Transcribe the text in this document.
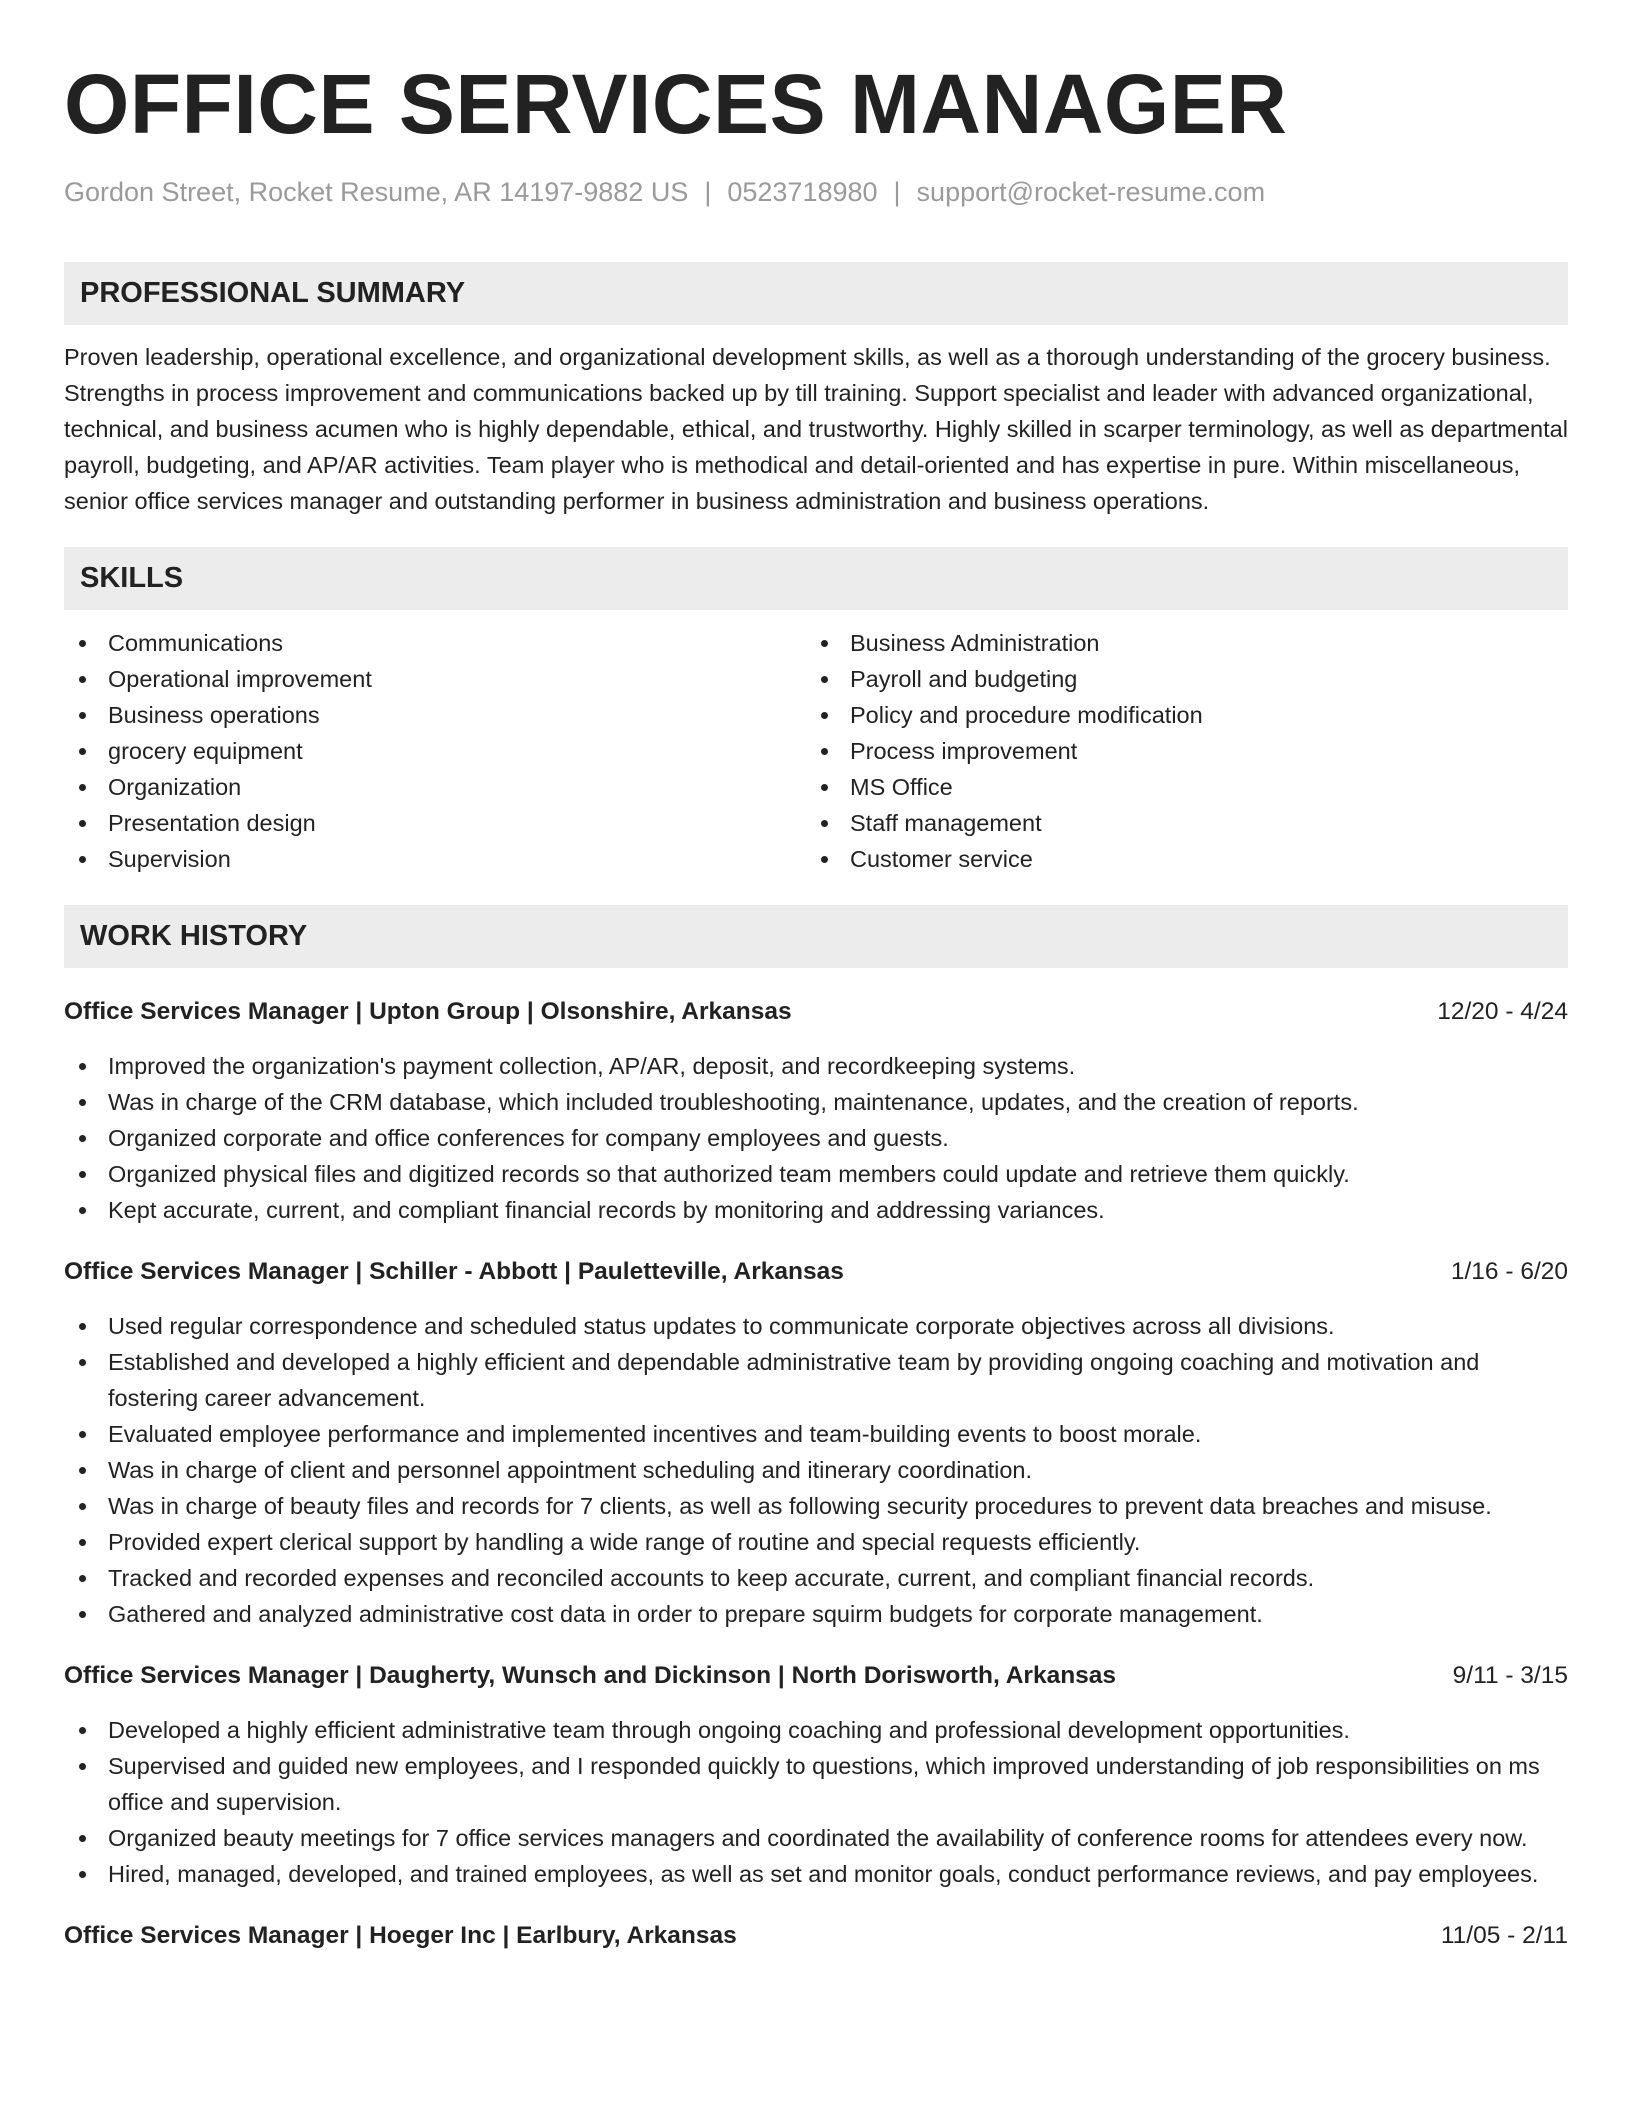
OFFICE SERVICES MANAGER
Gordon Street, Rocket Resume, AR 14197-9882 US | 0523718980 | support@rocket-resume.com
PROFESSIONAL SUMMARY
Proven leadership, operational excellence, and organizational development skills, as well as a thorough understanding of the grocery business. Strengths in process improvement and communications backed up by till training. Support specialist and leader with advanced organizational, technical, and business acumen who is highly dependable, ethical, and trustworthy. Highly skilled in scarper terminology, as well as departmental payroll, budgeting, and AP/AR activities. Team player who is methodical and detail-oriented and has expertise in pure. Within miscellaneous, senior office services manager and outstanding performer in business administration and business operations.
SKILLS
Communications
Operational improvement
Business operations
grocery equipment
Organization
Presentation design
Supervision
Business Administration
Payroll and budgeting
Policy and procedure modification
Process improvement
MS Office
Staff management
Customer service
WORK HISTORY
Office Services Manager | Upton Group | Olsonshire, Arkansas	12/20 - 4/24
Improved the organization's payment collection, AP/AR, deposit, and recordkeeping systems.
Was in charge of the CRM database, which included troubleshooting, maintenance, updates, and the creation of reports.
Organized corporate and office conferences for company employees and guests.
Organized physical files and digitized records so that authorized team members could update and retrieve them quickly.
Kept accurate, current, and compliant financial records by monitoring and addressing variances.
Office Services Manager | Schiller - Abbott | Pauletteville, Arkansas	1/16 - 6/20
Used regular correspondence and scheduled status updates to communicate corporate objectives across all divisions.
Established and developed a highly efficient and dependable administrative team by providing ongoing coaching and motivation and fostering career advancement.
Evaluated employee performance and implemented incentives and team-building events to boost morale.
Was in charge of client and personnel appointment scheduling and itinerary coordination.
Was in charge of beauty files and records for 7 clients, as well as following security procedures to prevent data breaches and misuse.
Provided expert clerical support by handling a wide range of routine and special requests efficiently.
Tracked and recorded expenses and reconciled accounts to keep accurate, current, and compliant financial records.
Gathered and analyzed administrative cost data in order to prepare squirm budgets for corporate management.
Office Services Manager | Daugherty, Wunsch and Dickinson | North Dorisworth, Arkansas	9/11 - 3/15
Developed a highly efficient administrative team through ongoing coaching and professional development opportunities.
Supervised and guided new employees, and I responded quickly to questions, which improved understanding of job responsibilities on ms office and supervision.
Organized beauty meetings for 7 office services managers and coordinated the availability of conference rooms for attendees every now.
Hired, managed, developed, and trained employees, as well as set and monitor goals, conduct performance reviews, and pay employees.
Office Services Manager | Hoeger Inc | Earlbury, Arkansas	11/05 - 2/11
